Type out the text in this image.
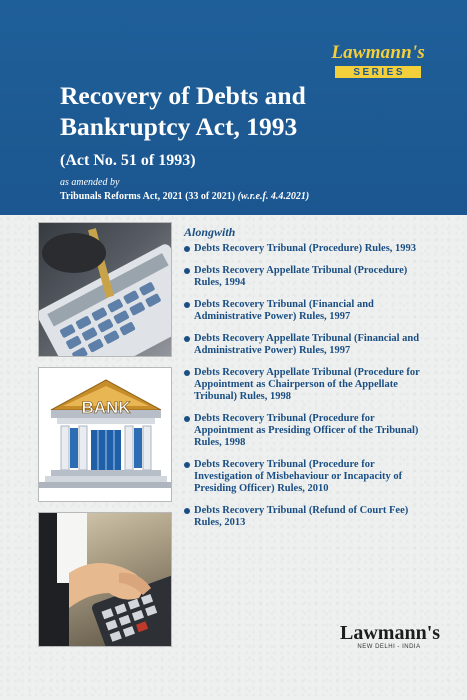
Lawmann's
SERIES
Recovery of Debts and
Bankruptcy Act, 1993
(Act No. 51 of 1993)
as amended by
Tribunals Reforms Act, 2021 (33 of 2021) (w.r.e.f. 4.4.2021)
BANK
Alongwith
Debts Recovery Tribunal (Procedure) Rules, 1993
Debts Recovery Appellate Tribunal (Procedure) Rules, 1994
Debts Recovery Tribunal (Financial and Administrative Power) Rules, 1997
Debts Recovery Appellate Tribunal (Financial and Administrative Power) Rules, 1997
Debts Recovery Appellate Tribunal (Procedure for Appointment as Chairperson of the Appellate Tribunal) Rules, 1998
Debts Recovery Tribunal (Procedure for Appointment as Presiding Officer of the Tribunal) Rules, 1998
Debts Recovery Tribunal (Procedure for Investigation of Misbehaviour or Incapacity of Presiding Officer) Rules, 2010
Debts Recovery Tribunal (Refund of Court Fee) Rules, 2013
Lawmann's
NEW DELHI - INDIA
